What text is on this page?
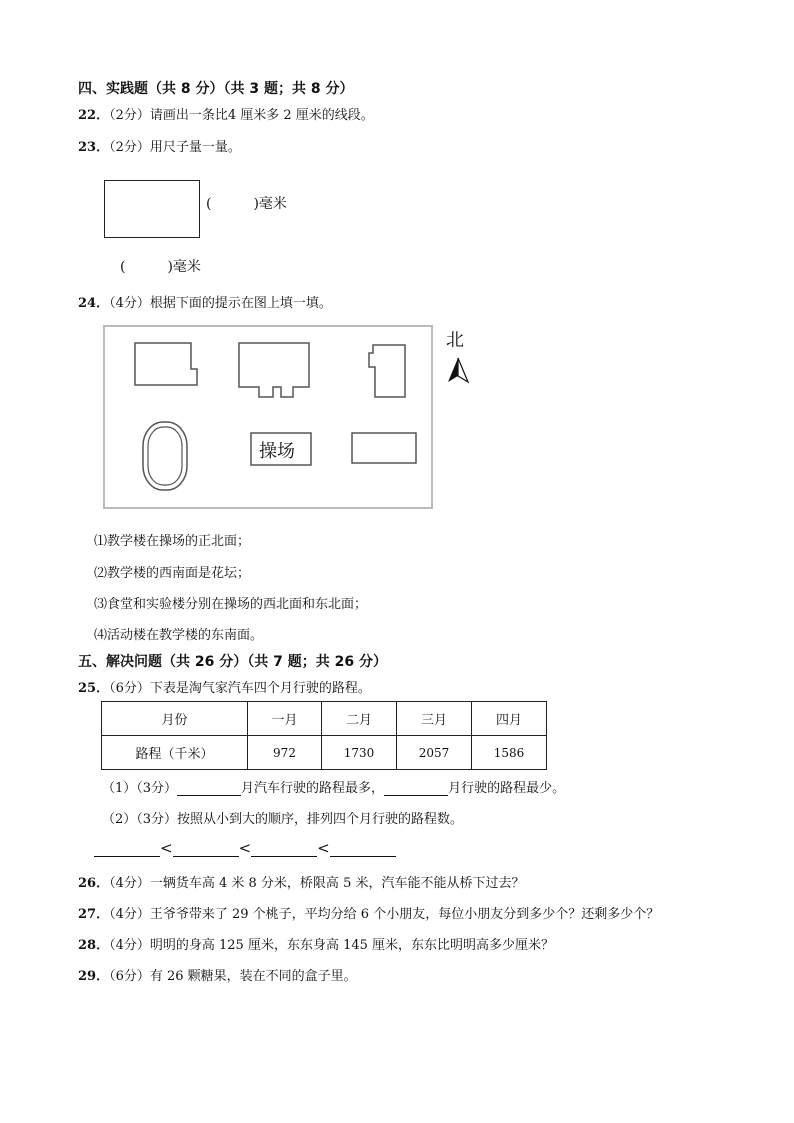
四、实践题（共 8 分）（共 3 题；共 8 分）
22．（2分）请画出一条比4 厘米多 2 厘米的线段。
23．（2分）用尺子量一量。
(　　　)毫米
(　　　)毫米
24．（4分）根据下面的提示在图上填一填。
操场
北
⑴教学楼在操场的正北面；
⑵教学楼的西南面是花坛；
⑶食堂和实验楼分别在操场的西北面和东北面；
⑷活动楼在教学楼的东南面。
五、解决问题（共 26 分）（共 7 题；共 26 分）
25．（6分）下表是淘气家汽车四个月行驶的路程。
月份	一月	二月	三月	四月
路程（千米）	972	1730	2057	1586
（1）（3分）	月汽车行驶的路程最多，	月行驶的路程最少。
（2）（3分）按照从小到大的顺序，排列四个月行驶的路程数。
<	<	<
26．（4分）一辆货车高 4 米 8 分米，桥限高 5 米，汽车能不能从桥下过去？
27．（4分）王爷爷带来了 29 个桃子，平均分给 6 个小朋友，每位小朋友分到多少个？还剩多少个？
28．（4分）明明的身高 125 厘米，东东身高 145 厘米，东东比明明高多少厘米？
29．（6分）有 26 颗糖果，装在不同的盒子里。
